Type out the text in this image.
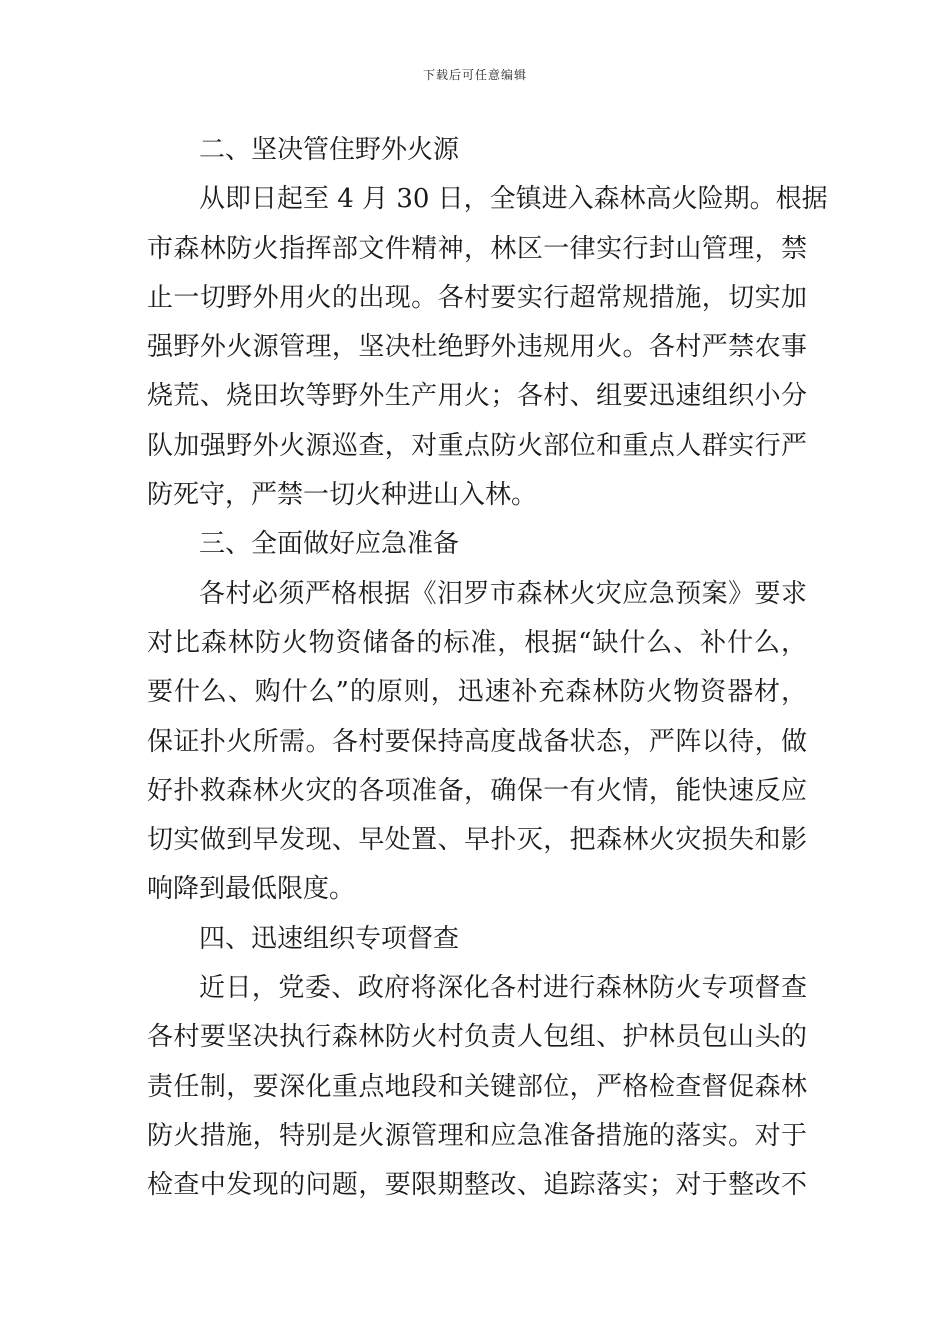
下载后可任意编辑
二、坚决管住野外火源
从即日起至 4 月 30 日，全镇进入森林高火险期。根据
市森林防火指挥部文件精神，林区一律实行封山管理，禁
止一切野外用火的出现。各村要实行超常规措施，切实加
强野外火源管理，坚决杜绝野外违规用火。各村严禁农事
烧荒、烧田坎等野外生产用火；各村、组要迅速组织小分
队加强野外火源巡查，对重点防火部位和重点人群实行严
防死守，严禁一切火种进山入林。
三、全面做好应急准备
各村必须严格根据《汨罗市森林火灾应急预案》要求
对比森林防火物资储备的标准，根据“缺什么、补什么，
要什么、购什么”的原则，迅速补充森林防火物资器材，
保证扑火所需。各村要保持高度战备状态，严阵以待，做
好扑救森林火灾的各项准备，确保一有火情，能快速反应
切实做到早发现、早处置、早扑灭，把森林火灾损失和影
响降到最低限度。
四、迅速组织专项督查
近日，党委、政府将深化各村进行森林防火专项督查
各村要坚决执行森林防火村负责人包组、护林员包山头的
责任制，要深化重点地段和关键部位，严格检查督促森林
防火措施，特别是火源管理和应急准备措施的落实。对于
检查中发现的问题，要限期整改、追踪落实；对于整改不
